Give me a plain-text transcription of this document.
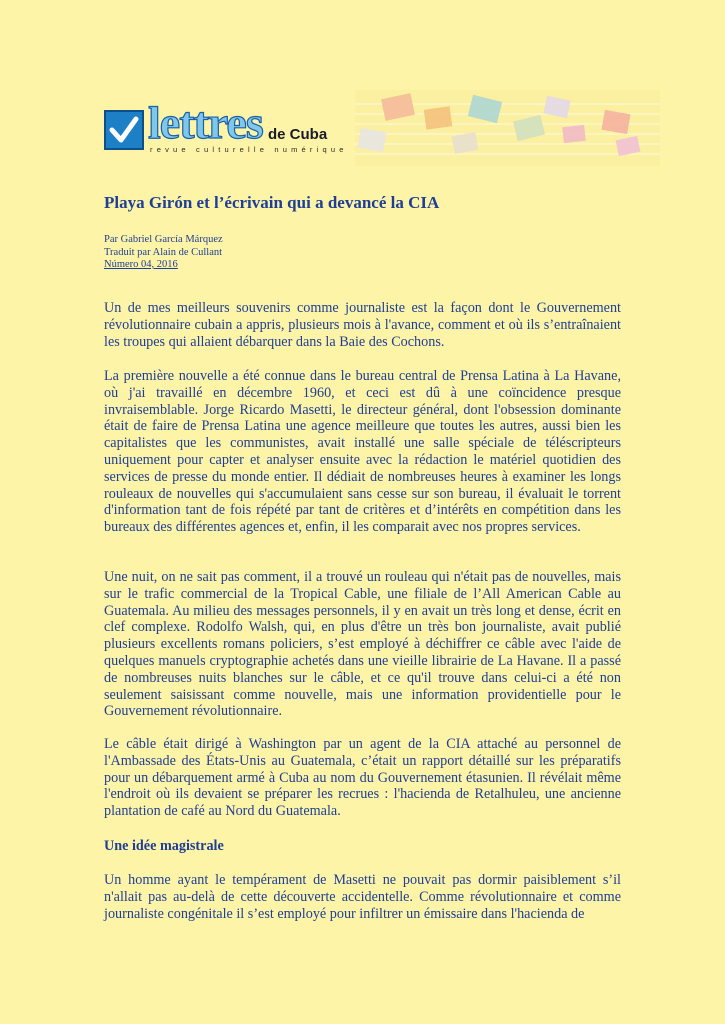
lettres de Cuba
revue culturelle numérique
Playa Girón et l’écrivain qui a devancé la CIA
Par Gabriel García Márquez
Traduit par Alain de Cullant
Número 04, 2016

Un de mes meilleurs souvenirs comme journaliste est la façon dont le Gouvernement révolutionnaire cubain a appris, plusieurs mois à l'avance, comment et où ils s’entraînaient les troupes qui allaient débarquer dans la Baie des Cochons.

La première nouvelle a été connue dans le bureau central de Prensa Latina à La Havane, où j'ai travaillé en décembre 1960, et ceci est dû à une coïncidence presque invraisemblable. Jorge Ricardo Masetti, le directeur général, dont l'obsession dominante était de faire de Prensa Latina une agence meilleure que toutes les autres, aussi bien les capitalistes que les communistes, avait installé une salle spéciale de téléscripteurs uniquement pour capter et analyser ensuite avec la rédaction le matériel quotidien des services de presse du monde entier. Il dédiait de nombreuses heures à examiner les longs rouleaux de nouvelles qui s'accumulaient sans cesse sur son bureau, il évaluait le torrent d'information tant de fois répété par tant de critères et d’intérêts en compétition dans les bureaux des différentes agences et, enfin, il les comparait avec nos propres services.

Une nuit, on ne sait pas comment, il a trouvé un rouleau qui n'était pas de nouvelles, mais sur le trafic commercial de la Tropical Cable, une filiale de l’All American Cable au Guatemala. Au milieu des messages personnels, il y en avait un très long et dense, écrit en clef complexe. Rodolfo Walsh, qui, en plus d'être un très bon journaliste, avait publié plusieurs excellents romans policiers, s’est employé à déchiffrer ce câble avec l'aide de quelques manuels cryptographie achetés dans une vieille librairie de La Havane. Il a passé de nombreuses nuits blanches sur le câble, et ce qu'il trouve dans celui-ci a été non seulement saisissant comme nouvelle, mais une information providentielle pour le Gouvernement révolutionnaire.

Le câble était dirigé à Washington par un agent de la CIA attaché au personnel de l'Ambassade des États-Unis au Guatemala, c’était un rapport détaillé sur les préparatifs pour un débarquement armé à Cuba au nom du Gouvernement étasunien. Il révélait même l'endroit où ils devaient se préparer les recrues : l'hacienda de Retalhuleu, une ancienne plantation de café au Nord du Guatemala.

Une idée magistrale

Un homme ayant le tempérament de Masetti ne pouvait pas dormir paisiblement s’il n'allait pas au-delà de cette découverte accidentelle. Comme révolutionnaire et comme journaliste congénitale il s’est employé pour infiltrer un émissaire dans l'hacienda de
